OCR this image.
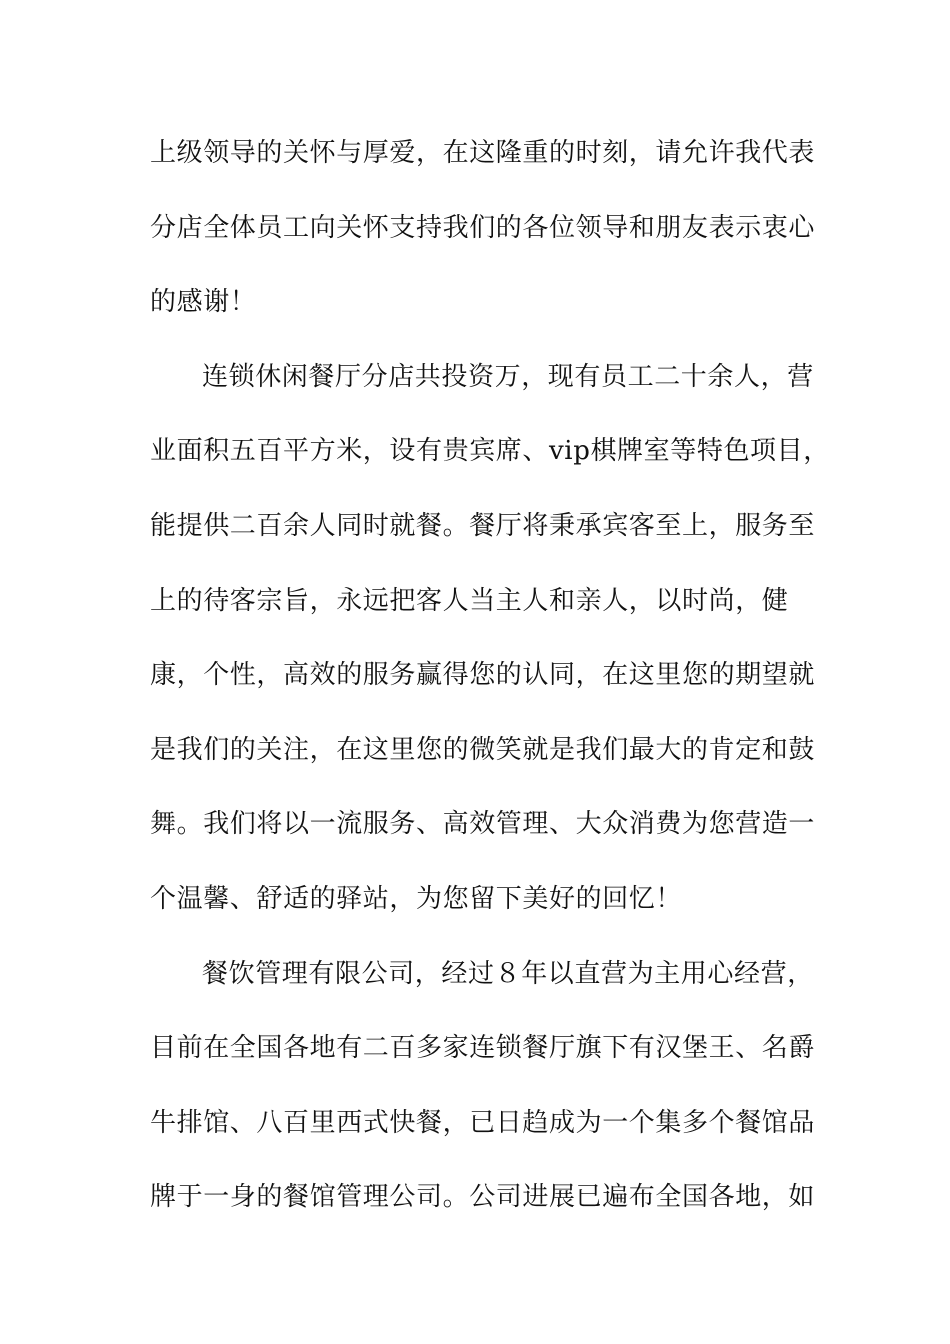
上级领导的关怀与厚爱，在这隆重的时刻，请允许我代表
分店全体员工向关怀支持我们的各位领导和朋友表示衷心
的感谢！
连锁休闲餐厅分店共投资万，现有员工二十余人，营
业面积五百平方米，设有贵宾席、vip棋牌室等特色项目，
能提供二百余人同时就餐。餐厅将秉承宾客至上，服务至
上的待客宗旨，永远把客人当主人和亲人，以时尚，健
康，个性，高效的服务赢得您的认同，在这里您的期望就
是我们的关注，在这里您的微笑就是我们最大的肯定和鼓
舞。我们将以一流服务、高效管理、大众消费为您营造一
个温馨、舒适的驿站，为您留下美好的回忆！
餐饮管理有限公司，经过８年以直营为主用心经营，
目前在全国各地有二百多家连锁餐厅旗下有汉堡王、名爵
牛排馆、八百里西式快餐，已日趋成为一个集多个餐馆品
牌于一身的餐馆管理公司。公司进展已遍布全国各地，如
